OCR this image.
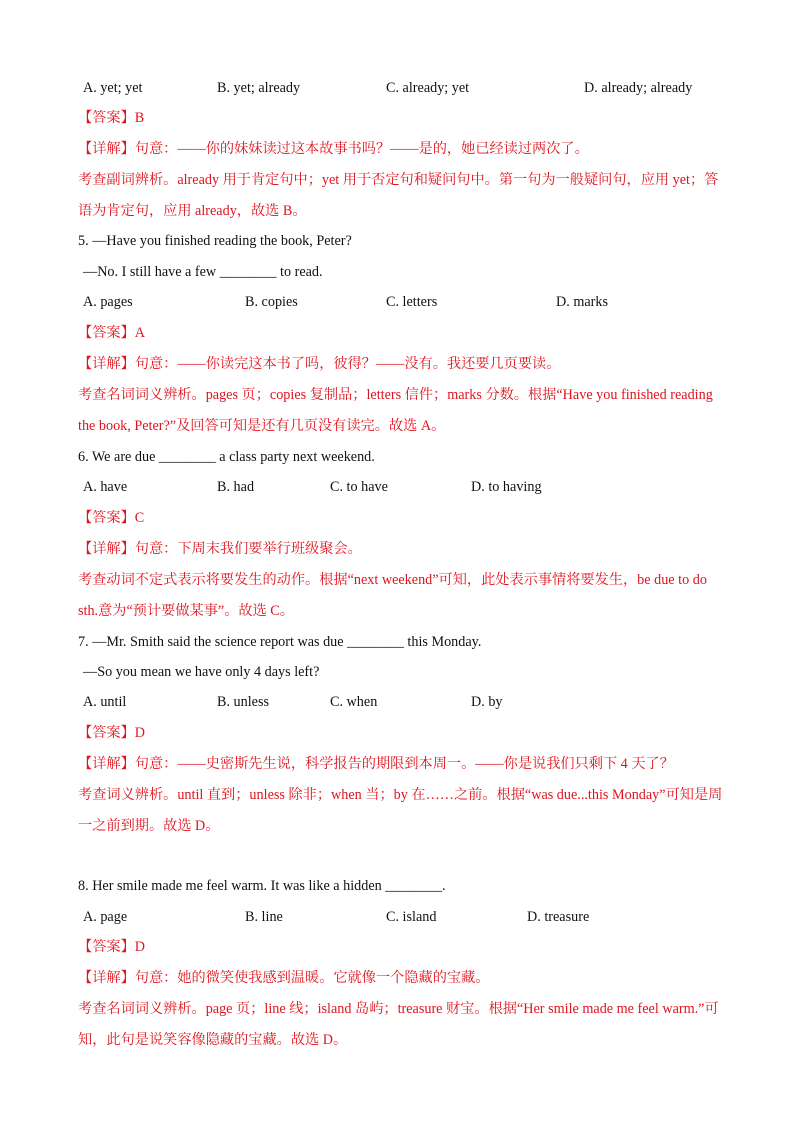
A. yet; yet	B. yet; already	C. already; yet	D. already; already
【答案】B
【详解】句意：——你的妹妹读过这本故事书吗？——是的，她已经读过两次了。
考查副词辨析。already 用于肯定句中；yet 用于否定句和疑问句中。第一句为一般疑问句，应用 yet；答
语为肯定句，应用 already，故选 B。
5. —Have you finished reading the book, Peter?
—No. I still have a few ________ to read.
A. pages	B. copies	C. letters	D. marks
【答案】A
【详解】句意：——你读完这本书了吗，彼得？——没有。我还要几页要读。
考查名词词义辨析。pages 页；copies 复制品；letters 信件；marks 分数。根据“Have you finished reading
the book, Peter?”及回答可知是还有几页没有读完。故选 A。
6. We are due ________ a class party next weekend.
A. have	B. had	C. to have	D. to having
【答案】C
【详解】句意：下周末我们要举行班级聚会。
考查动词不定式表示将要发生的动作。根据“next weekend”可知，此处表示事情将要发生，be due to do
sth.意为“预计要做某事”。故选 C。
7. —Mr. Smith said the science report was due ________ this Monday.
—So you mean we have only 4 days left?
A. until	B. unless	C. when	D. by
【答案】D
【详解】句意：——史密斯先生说，科学报告的期限到本周一。——你是说我们只剩下 4 天了？
考查词义辨析。until 直到；unless 除非；when 当；by 在……之前。根据“was due...this Monday”可知是周
一之前到期。故选 D。
8. Her smile made me feel warm. It was like a hidden ________.
A. page	B. line	C. island	D. treasure
【答案】D
【详解】句意：她的微笑使我感到温暖。它就像一个隐藏的宝藏。
考查名词词义辨析。page 页；line 线；island 岛屿；treasure 财宝。根据“Her smile made me feel warm.”可
知，此句是说笑容像隐藏的宝藏。故选 D。
